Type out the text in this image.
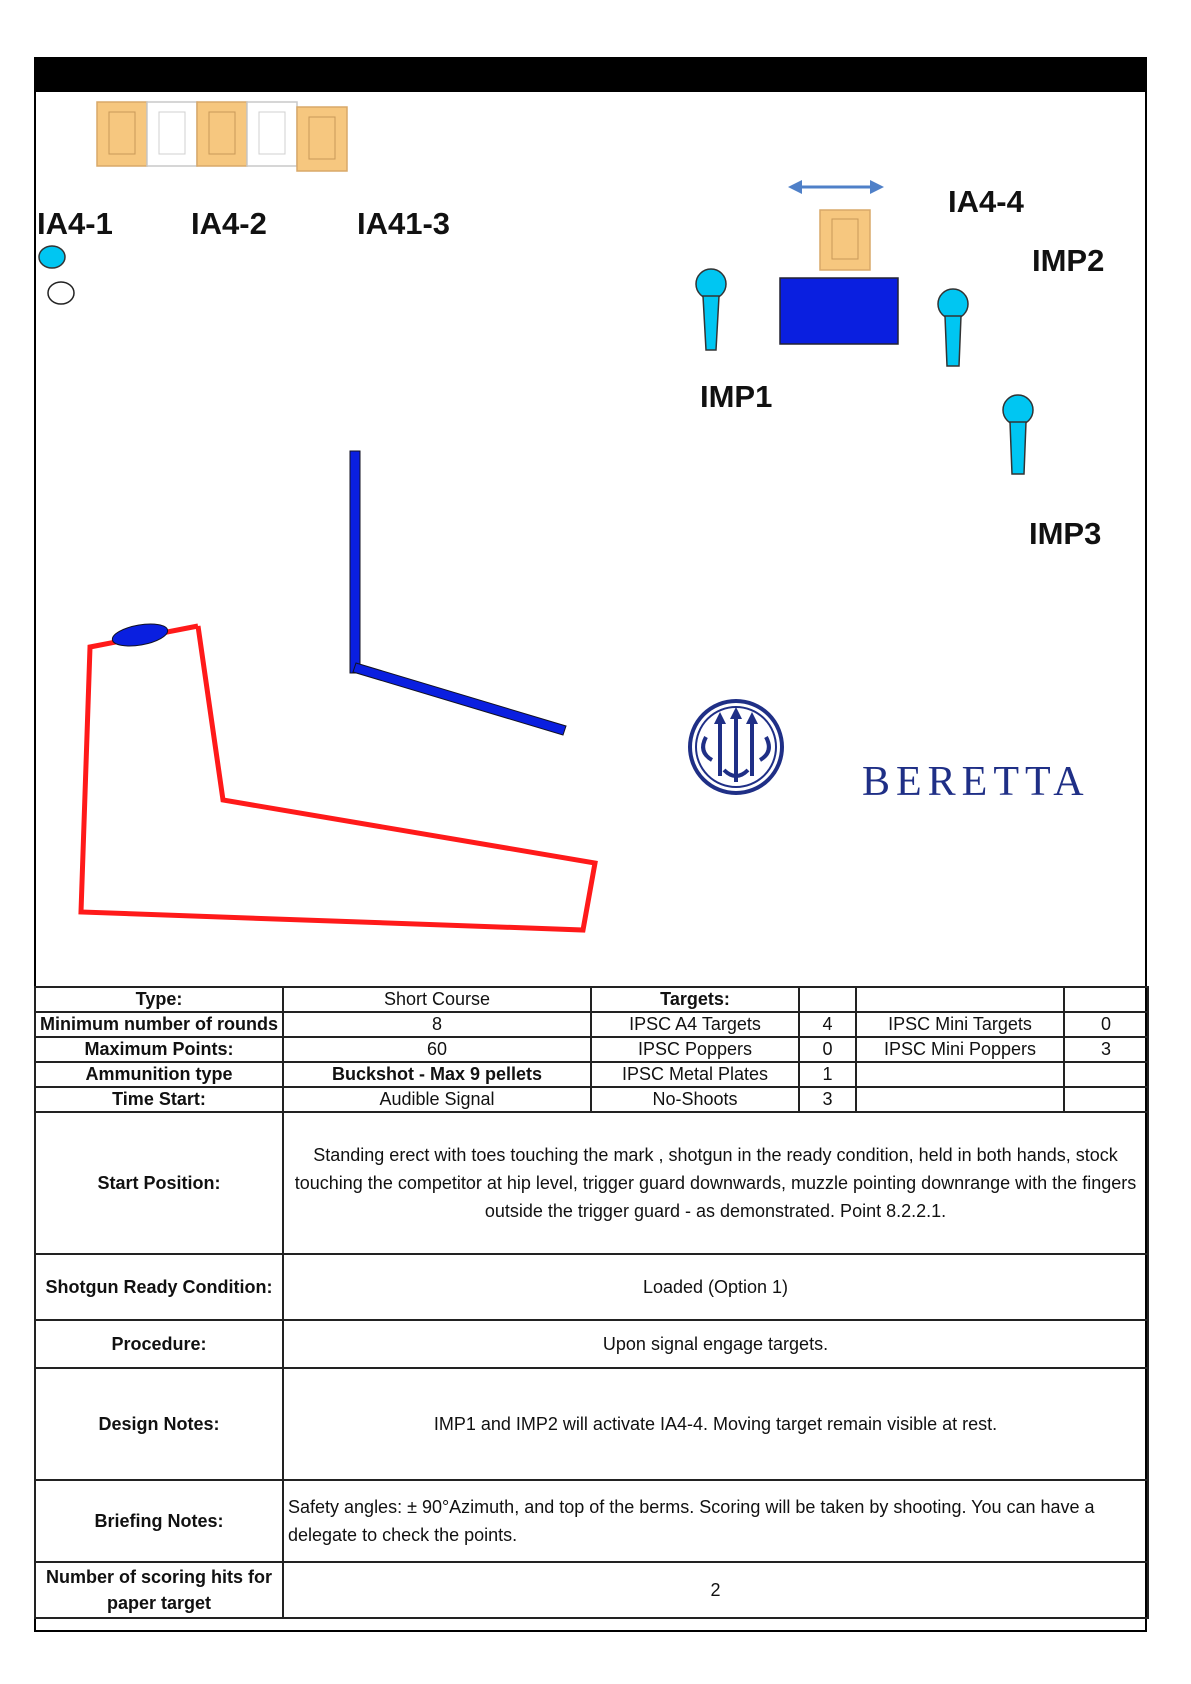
IA4-1	IA4-2	IA41-3
IA4-4
IMP2
IMP1
IMP3
BERETTA
Type:	Short Course	Targets:			
Minimum number of rounds	8	IPSC A4 Targets	4	IPSC Mini Targets	0
Maximum Points:	60	IPSC Poppers	0	IPSC Mini Poppers	3
Ammunition type	Buckshot - Max 9 pellets	IPSC Metal Plates	1		
Time Start:	Audible Signal	No-Shoots	3		
Start Position:	Standing erect with toes touching the mark , shotgun in the ready condition, held in both hands, stock touching the competitor at hip level, trigger guard downwards, muzzle pointing downrange with the fingers outside the trigger guard - as demonstrated. Point 8.2.2.1.				
Shotgun Ready Condition:	Loaded (Option 1)				
Procedure:	Upon signal engage targets.				
Design Notes:	IMP1 and IMP2 will activate IA4-4. Moving target remain visible at rest.				
Briefing Notes:	Safety angles: ± 90°Azimuth, and top of the berms. Scoring will be taken by shooting. You can have a delegate to check the points.				
Number of scoring hits for paper target	2				
